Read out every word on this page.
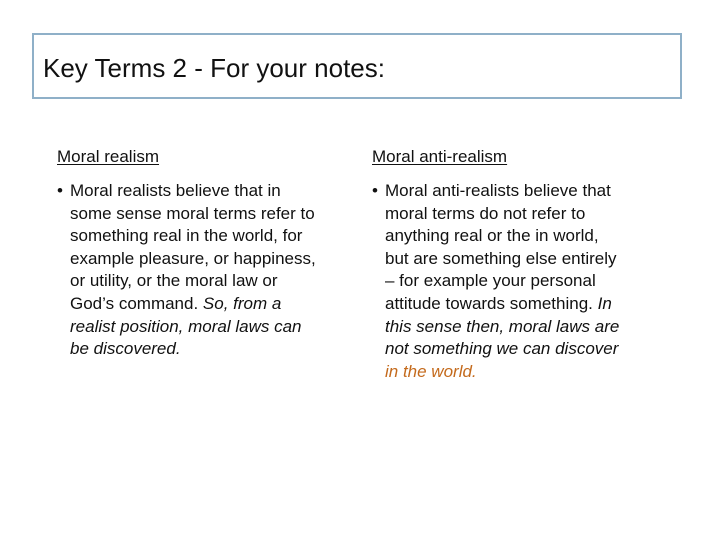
Key Terms 2 - For your notes:
Moral realism
• Moral realists believe that in
some sense moral terms refer to
something real in the world, for
example pleasure, or happiness,
or utility, or the moral law or
God’s command. So, from a
realist position, moral laws can
be discovered.
Moral anti-realism
• Moral anti-realists believe that
moral terms do not refer to
anything real or the in world,
but are something else entirely
– for example your personal
attitude towards something. In
this sense then, moral laws are
not something we can discover
in the world.
